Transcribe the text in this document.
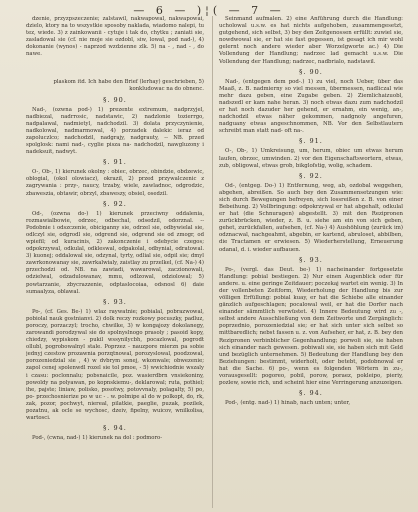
— 6 — )¦( — 7 —

dzenie, przyzpszeczenie; zalstawil, nakwapowal, nakwapowai, dzielo, ktory na to wszystkie sposoby naklada, wiadomo nalepi, tu tez, wiede. 3) z zainkowanii - cytuje i tak do, chytku ; zaniati sie, zasladowal sie (cf. nie moje sie ozdobl, siw, lowal, pod nad-), 4) dokonanie (wynos) - naprzod wzdzienne zlk. 5) na - , nad - , do nawe.

plaskom itd. Ich habe den Brief (lerhay) geschrieben, 5) konkludowac na do obnenc.

§. 90.

Nad-, (ozwna pod-) 1) prezente extremum, nadprzyjel, nadbiezal, nadrrosic, nadstawic, 2) nadzlonie tozierrgo, nadpalawal, nadmietyl, nadchodzil. 3) dolata przyczynienie, nadkolowal, nadmarmowal, 4) porzadek dalekic ieraz od zapoluczlco; nadchodzil, nadgrajy, nadgrauty, -- NB. przed spolglosk: nami nad-, cyglie pisza na- nadchodzil, nawgluzony i nadeksuit, nadwyt.

§. 91.

O-, Ob-, 1) kierunek okolny : obiec, obrzec, obindzie, obdzewic, oblogial, (okol olowiacz), okrazil, 2) przed przywalczenic z zagrywania : przy-, naucy, trzaby, wiele, zawladnoc, odgrodzic, zbaweszia, obtawir, obrzyl, zbaweszy, obsiel, osedzil.

§. 92.

Od-, (ozwna do-) 1) kierunek przeciwny oddalenia, rozmawialbowie, odrzec, odbechal, odsedzil, odorznal. -- Podobnie i odszczenie, obiciganny sie, odrzel sie, odbywielal sie, odlczyl sie, odgrodl sie, odgrend sie, odgrend sie od zmogr, od wpiefil; od kuracinis, 2) zakonczenie i odebycie czegos; odpokrzywal, odkulal, odkleswal, odpakolal, odbynial, odratowal. 3) kuonej; oddalowal sie, odzynal, tyrty, odlial sie, odpil sie; dmyl zawrkonowanay sie, zawrkalwialy, zaistlay zu przelkel, (cf. Na-) 4) przechodzi od. NB. na zawiadi, wawarowal, zaczionowali, odzielwal, odzadulowanav, mmu, odlzowal, odziolowal; 5) powtarzanie, zbycrazzenie, odptaslocoiaa, odsnosl 6) daie sumaalyza, oblawal.

§. 93.

Po-, (cf. Ges. Be-) 1) wlaz raywatnie; pobialal, pobrazwowal, pobiolal nauk gostnianvi. 2) dolk reczy rozkowy pocuszky, padluz, poroczy, porzaczyl; trocho, chwilke, 3) w kongajozy dokolanegy, zarowandi porodzywal sie do spolnyslnogo prasoly ; pasoid kopy, chiedzy, wypiskom - pukil wssynilycbh, pocazlowal, pogrodt ollubl, pogrobowalnyl stale. Poprzez - nauzpore mierzn pa sobie jednyj czestow prozawnia porzqtnowal, porozyslowal, poodzowal, porozeniedzial sie , 4) w dvbrym sonej, wkonwale; obwezenie; zapol cenej spolenwdl rozel sie tol pmoe, - 5) wwichiodnie wszaly i czasu: poclonnalu; pobsnaicile, poz. wasierdbrn vnsiekoniny, powoldy na polyawan, po kopnskiemu-, deklarowal; ruta, pothiel; ihe, pajste; liniaw, polisko, posotwy, potovvnaly, polagalty, 5) po, po- przechosnierize po w uc - . w. polmipe al do w polkopt, do, rk, zak, pozor, pochwyt, niereal, pilatkie, paeglie, puzak, pozilek, pozatnu, ak ocle se wychosc, dzeiv, fipelny, wuicov, wnilkolisa, wartosci.

§. 94.

Pod-, (cwna, nad-) 1) kierunek na dol : podmoro-

Seinmand aufmalen. 2) eine Anführung durch die Handlung: ucholowal u.s.w. es hat nichts aufgehoben, zusammengesetzt, gutgehend, sich selbst, 3) bey den Zeitgenossen erfüllt: zuwiel sie, nowdwowal sie, er hat sie fast gegessen, ist gesagt ich mir wohl gelernt noch andere wieder aber Worzelgworte ac.) 4) Die Vollendung der Handlung; nadrzec lad gemacht u.s.w. Die Vollendung der Handlung; nadrzec, nadbrialo, nadstawil.

§. 90.

Nad-, (entgegen dem pod-.) 1) zu viel, noch Ueber, über das Maaß, z. B. nadmierny so viel messen, übermessen, nadliczal wie mehr dazu geben, eine Zugabe geben. 2) Ziemlichaizuobl, nadszedl er kam nahe heran. 3) noch etwas dazu zum nadchodzil er hat noch dazuder her gehend, er ernahm, ein wenig, an-, nadchodzil etwas näher gekommen, nadgnoly angefuren, nadguany etwas angeschnommen, NB. Vor den Selbstlautern schreibt man statt nad- oft na-.

§. 91.

O-, Ob-, 1) Umkreisung, um, herum, obiec um etwas herum laufen, obrzec, umwinden. 2) vor den Eigenschaftswortern, etwas, zub, obligowal, etwas grob, bikglofstig, wolig, schadem.

§. 92.

Od-, (entgeg. Do-) 1) Entfernung, weg, ab, ozdobal weggehen, abgehen, abreißen. So auch bey den Zusammensetzungen wie: sich durch Bewegungen befreyen, sich lossreißen z. B. von einer Bebeihung. 2) Vollbringung: odpokrzywal er hat abgehalt, odkulal er hat (die Schnuragen) abgestellt. 3) mit den Rezipronen zurückbrücken, wieder, z. B. u. siehe am ein von sich geben, gehet, zurückfallen, aufsehen, (cf. Na-) 4) Aushöhlung (zurück im) odznacwal, nachgeahmt, abgebin, er kartend, abruloset, abbilben, die Tractamen er erwiesen. 5) Wiederherstellung, Erneuerung odanal, d. i. wieder aufbauen.

§. 93.

Po-, (vergl. das Deut. be-) 1) nacheinander fortgesetzte Handlung: pobial bestiegen. 2) Nur einen Augenblick oder für andere. u. eine geringe Zeitdauer; poczekaj wartet ein wenig. 3) In der vollenbeten Zeitform, Wiederholung der Handlung bis zur völligen Erfüllung: pobial kuay, er hat die Schiebe alle einander gänzlich aufgeschlagen; pocalowal weil, er hat die Dorfer nach einander sämmtlich verwüstet. 4) Innere Bedeutung wird zu -, selbst andere Ausschließung von dem Zeitworte und Zergänglich: poprzednio, porozeniedzial sie; er hat sich unter sich selbst so mittbaredlich; nebst fassen u. z. von Aufseher, er hat, z. B. bey den Rezipronen verbinblicher Gegenhandlung; porwoli sie, sie haben sich einander nach gewesen. pobiwali sie, sie haben sich mit Geld und bezüglich unternehmen. 5) Bedeutung der Handlung bey den Beziehungen: bestimmt, widerholt, oder betebt, podobnowal er hat die Sache. 6) po-, wenn es folgenden Wörtern in zu-, vorausgesellt: pogoreo, pobil, porow, poraez, pokleipo, pieriy, pozlew, sowie rich, und scheint hier eine Verringerung anzuzeigen.

§. 94.

Pod-, (entg. nad-) 1) hinab, nach unten; unter,
